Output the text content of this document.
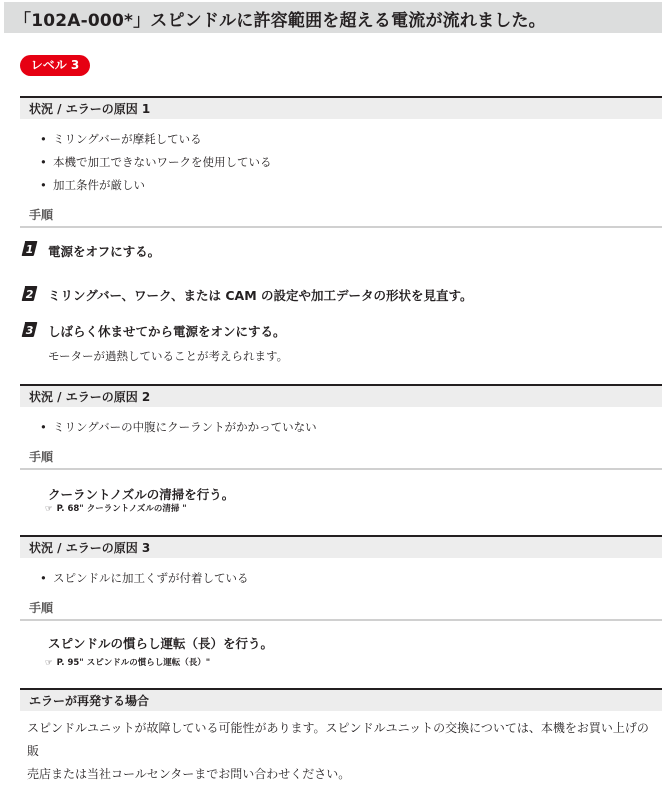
「102A-000*」スピンドルに許容範囲を超える電流が流れました。
レベル 3
状況 / エラーの原因 1
• ミリングバーが摩耗している
• 本機で加工できないワークを使用している
• 加工条件が厳しい
手順
1 電源をオフにする。
2 ミリングバー、ワーク、または CAM の設定や加工データの形状を見直す。
3 しばらく休ませてから電源をオンにする。
モーターが過熱していることが考えられます。
状況 / エラーの原因 2
• ミリングバーの中腹にクーラントがかかっていない
手順
クーラントノズルの清掃を行う。
☞ P. 68" クーラントノズルの清掃 "
状況 / エラーの原因 3
• スピンドルに加工くずが付着している
手順
スピンドルの慣らし運転（長）を行う。
☞ P. 95" スピンドルの慣らし運転（長）"
エラーが再発する場合
スピンドルユニットが故障している可能性があります。スピンドルユニットの交換については、本機をお買い上げの販
売店または当社コールセンターまでお問い合わせください。
